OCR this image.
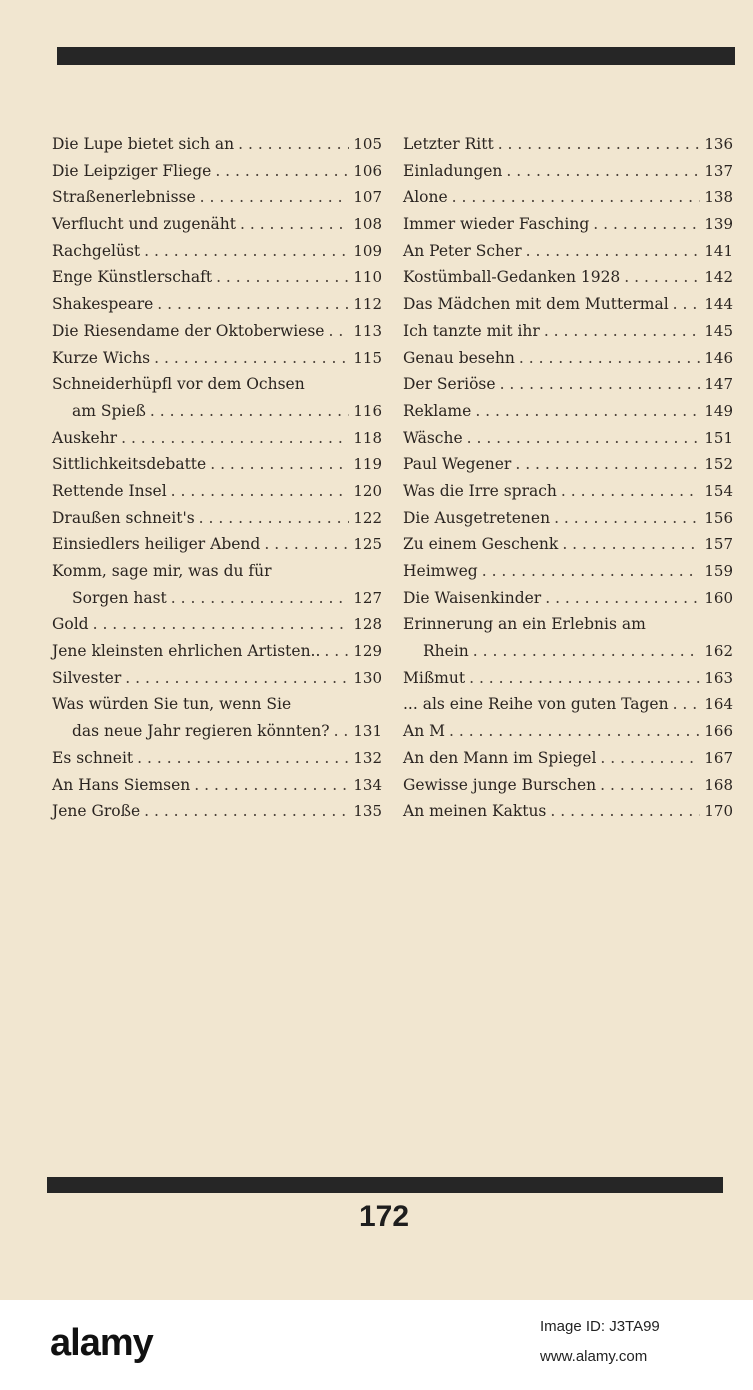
Die Lupe bietet sich an . . .	105
Die Leipziger Fliege . . .	106
Straßenerlebnisse . . .	107
Verflucht und zugenäht . . .	108
Rachgelüst . . .	109
Enge Künstlerschaft . . .	110
Shakespeare . . .	112
Die Riesendame der Oktoberwiese . . . 113
Kurze Wichs . . .	115
Schneiderhüpfl vor dem Ochsen
am Spieß . . .	116
Auskehr . . .	118
Sittlichkeitsdebatte . . .	119
Rettende Insel . . .	120
Draußen schneit's . . .	122
Einsiedlers heiliger Abend . . .	125
Komm, sage mir, was du für
Sorgen hast . . .	127
Gold . . .	128
Jene kleinsten ehrlichen Artisten.. . . . 129
Silvester . . .	130
Was würden Sie tun, wenn Sie
das neue Jahr regieren könnten? . . . 131
Es schneit . . .	132
An Hans Siemsen . . .	134
Jene Große . . .	135
Letzter Ritt . . .	136
Einladungen . . .	137
Alone . . .	138
Immer wieder Fasching . . .	139
An Peter Scher . . .	141
Kostümball-Gedanken 1928 . . .	142
Das Mädchen mit dem Muttermal . . . 144
Ich tanzte mit ihr . . .	145
Genau besehn . . .	146
Der Seriöse . . .	147
Reklame . . .	149
Wäsche . . .	151
Paul Wegener . . .	152
Was die Irre sprach . . .	154
Die Ausgetretenen . . .	156
Zu einem Geschenk . . .	157
Heimweg . . .	159
Die Waisenkinder . . .	160
Erinnerung an ein Erlebnis am
Rhein . . .	162
Mißmut . . .	163
... als eine Reihe von guten Tagen . . . 164
An M . . .	166
An den Mann im Spiegel . . .	167
Gewisse junge Burschen . . .	168
An meinen Kaktus . . .	170
172
alamy	Image ID: J3TA99
www.alamy.com
